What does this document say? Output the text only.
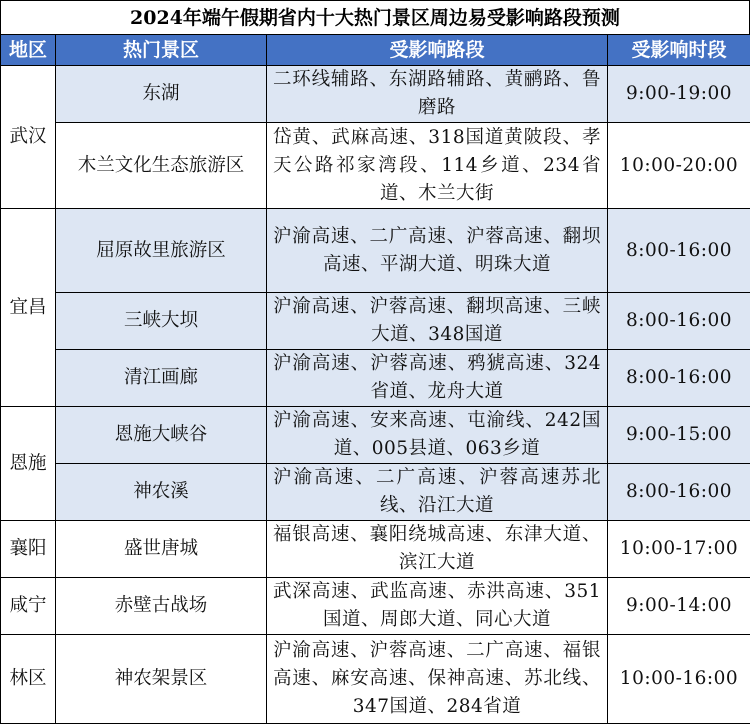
2024年端午假期省内十大热门景区周边易受影响路段预测
地区	热门景区	受影响路段	受影响时段
武汉	东湖	二环线辅路、东湖路辅路、黄鹂路、鲁磨路	9:00-19:00
	木兰文化生态旅游区	岱黄、武麻高速、318国道黄陂段、孝天公路祁家湾段、114乡道、234省道、木兰大街	10:00-20:00
宜昌	屈原故里旅游区	沪渝高速、二广高速、沪蓉高速、翻坝高速、平湖大道、明珠大道	8:00-16:00
	三峡大坝	沪渝高速、沪蓉高速、翻坝高速、三峡大道、348国道	8:00-16:00
	清江画廊	沪渝高速、沪蓉高速、鸦猇高速、324省道、龙舟大道	8:00-16:00
恩施	恩施大峡谷	沪渝高速、安来高速、屯渝线、242国道、005县道、063乡道	9:00-15:00
	神农溪	沪渝高速、二广高速、沪蓉高速苏北线、沿江大道	8:00-16:00
襄阳	盛世唐城	福银高速、襄阳绕城高速、东津大道、滨江大道	10:00-17:00
咸宁	赤壁古战场	武深高速、武监高速、赤洪高速、351国道、周郎大道、同心大道	9:00-14:00
林区	神农架景区	沪渝高速、沪蓉高速、二广高速、福银高速、麻安高速、保神高速、苏北线、347国道、284省道	10:00-16:00
